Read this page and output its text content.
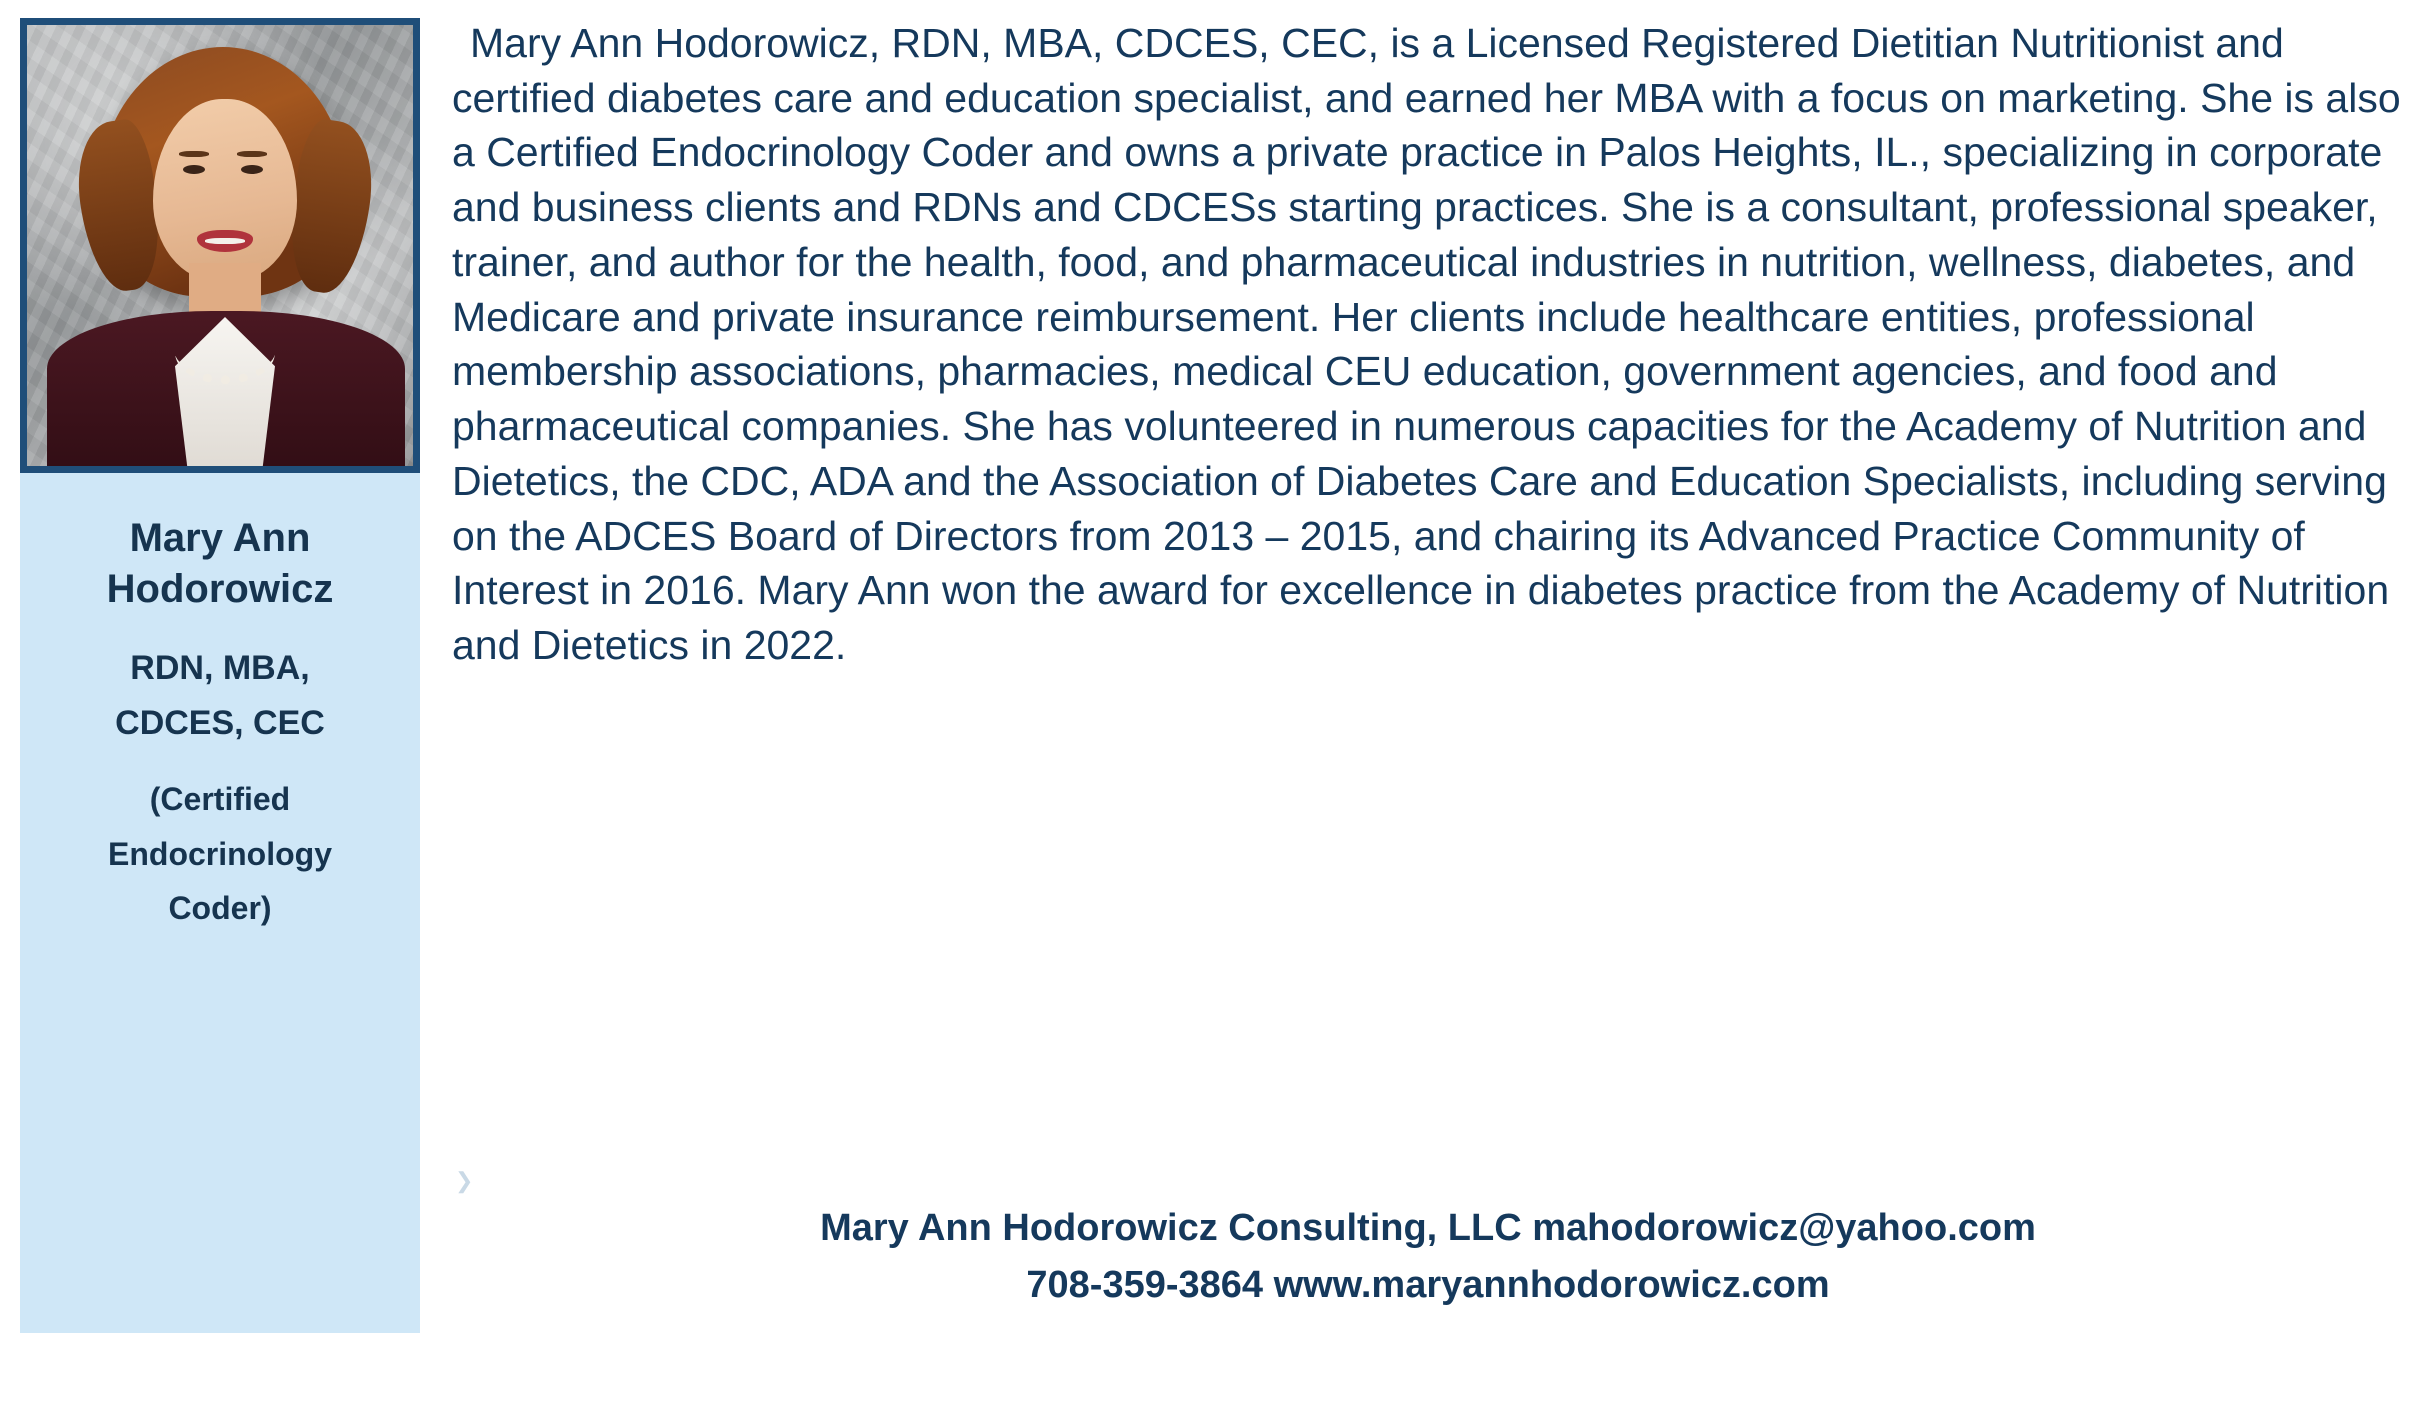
Mary Ann
Hodorowicz
RDN, MBA,
CDCES, CEC
(Certified
Endocrinology
Coder)
Mary Ann Hodorowicz, RDN, MBA, CDCES, CEC, is a Licensed Registered Dietitian Nutritionist and certified diabetes care and education specialist, and earned her MBA with a focus on marketing. She is also a Certified Endocrinology Coder and owns a private practice in Palos Heights, IL., specializing in corporate and business clients and RDNs and CDCESs starting practices. She is a consultant, professional speaker, trainer, and author for the health, food, and pharmaceutical industries in nutrition, wellness, diabetes, and Medicare and private insurance reimbursement. Her clients include healthcare entities, professional membership associations, pharmacies, medical CEU education, government agencies, and food and pharmaceutical companies. She has volunteered in numerous capacities for the Academy of Nutrition and Dietetics, the CDC, ADA and the Association of Diabetes Care and Education Specialists, including serving on the ADCES Board of Directors from 2013 – 2015, and chairing its Advanced Practice Community of Interest in 2016. Mary Ann won the award for excellence in diabetes practice from the Academy of Nutrition and Dietetics in 2022.
❯
Mary Ann Hodorowicz Consulting, LLC mahodorowicz@yahoo.com
708-359-3864 www.maryannhodorowicz.com
